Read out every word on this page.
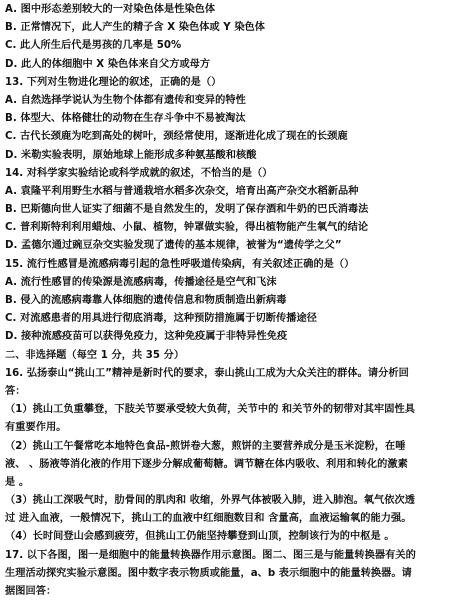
A. 图中形态差别较大的一对染色体是性染色体
B. 正常情况下，此人产生的精子含 X 染色体或 Y 染色体
C. 此人所生后代是男孩的几率是 50%
D. 此人的体细胞中 X 染色体来自父方或母方
13. 下列对生物进化理论的叙述，正确的是（）
A. 自然选择学说认为生物个体都有遗传和变异的特性
B. 体型大、体格健壮的动物在生存斗争中不易被淘汰
C. 古代长颈鹿为吃到高处的树叶，颈经常使用，逐渐进化成了现在的长颈鹿
D. 米勒实验表明，原始地球上能形成多种氨基酸和核酸
14. 对科学家实验结论或科学成就的叙述，不恰当的是（）
A. 袁隆平利用野生水稻与普通栽培水稻多次杂交，培育出高产杂交水稻新品种
B. 巴斯德向世人证实了细菌不是自然发生的，发明了保存酒和牛奶的巴氏消毒法
C. 普利斯特利利用蜡烛、小鼠、植物，钟罩做实验，得出植物能产生氧气的结论
D. 孟德尔通过豌豆杂交实验发现了遗传的基本规律，被誉为“遗传学之父”
15. 流行性感冒是流感病毒引起的急性呼吸道传染病，有关叙述正确的是（）
A. 流行性感冒的传染源是流感病毒，传播途径是空气和飞沫
B. 侵入的流感病毒靠人体细胞的遗传信息和物质制造出新病毒
C. 对流感患者的用具进行彻底消毒，这种预防措施属于切断传播途径
D. 接种流感疫苗可以获得免疫力，这种免疫属于非特异性免疫
二、非选择题（每空 1 分，共 35 分）
16. 弘扬泰山“挑山工”精神是新时代的要求，泰山挑山工成为大众关注的群体。请分析回
答：
（1）挑山工负重攀登，下肢关节要承受较大负荷，关节中的 和关节外的韧带对其牢固性具
有重要作用。
（2）挑山工午餐常吃本地特色食品-煎饼卷大葱，煎饼的主要营养成分是玉米淀粉，在唾
液、 、肠液等消化液的作用下逐步分解成葡萄糖。调节糖在体内吸收、利用和转化的激素
是 。
（3）挑山工深吸气时，肋骨间的肌肉和 收缩，外界气体被吸入肺，进入肺泡。氧气依次透
过 进入血液，一般情况下，挑山工的血液中红细胞数目和 含量高，血液运输氧的能力强。
（4）长时间登山会感到疲劳，但挑山工仍能坚持攀登到山顶，控制该行为的中枢是 。
17. 以下各图，图一是细胞中的能量转换器作用示意图。图二、图三是与能量转换器有关的
生理活动探究实验示意图。图中数字表示物质或能量，a、b 表示细胞中的能量转换器。请
据图回答：
